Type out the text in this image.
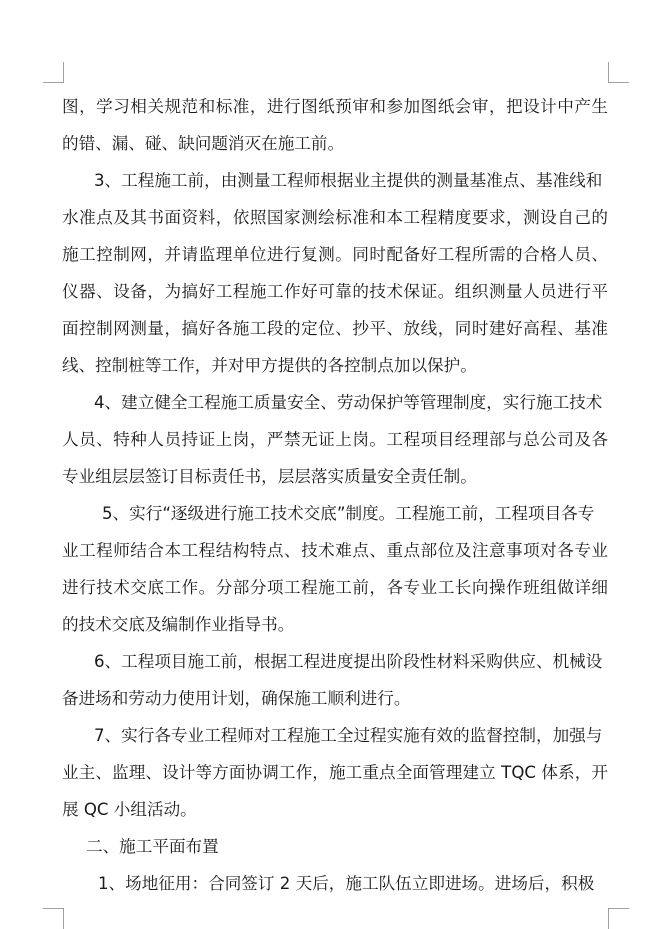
图，学习相关规范和标准，进行图纸预审和参加图纸会审，把设计中产生
的错、漏、碰、缺问题消灭在施工前。
3、工程施工前，由测量工程师根据业主提供的测量基准点、基准线和
水准点及其书面资料，依照国家测绘标准和本工程精度要求，测设自己的
施工控制网，并请监理单位进行复测。同时配备好工程所需的合格人员、
仪器、设备，为搞好工程施工作好可靠的技术保证。组织测量人员进行平
面控制网测量，搞好各施工段的定位、抄平、放线，同时建好高程、基准
线、控制桩等工作，并对甲方提供的各控制点加以保护。
4、建立健全工程施工质量安全、劳动保护等管理制度，实行施工技术
人员、特种人员持证上岗，严禁无证上岗。工程项目经理部与总公司及各
专业组层层签订目标责任书，层层落实质量安全责任制。
5、实行“逐级进行施工技术交底”制度。工程施工前，工程项目各专
业工程师结合本工程结构特点、技术难点、重点部位及注意事项对各专业
进行技术交底工作。分部分项工程施工前，各专业工长向操作班组做详细
的技术交底及编制作业指导书。
6、工程项目施工前，根据工程进度提出阶段性材料采购供应、机械设
备进场和劳动力使用计划，确保施工顺利进行。
7、实行各专业工程师对工程施工全过程实施有效的监督控制，加强与
业主、监理、设计等方面协调工作，施工重点全面管理建立 TQC 体系，开
展 QC 小组活动。
二、施工平面布置
1、场地征用：合同签订 2 天后，施工队伍立即进场。进场后，积极
